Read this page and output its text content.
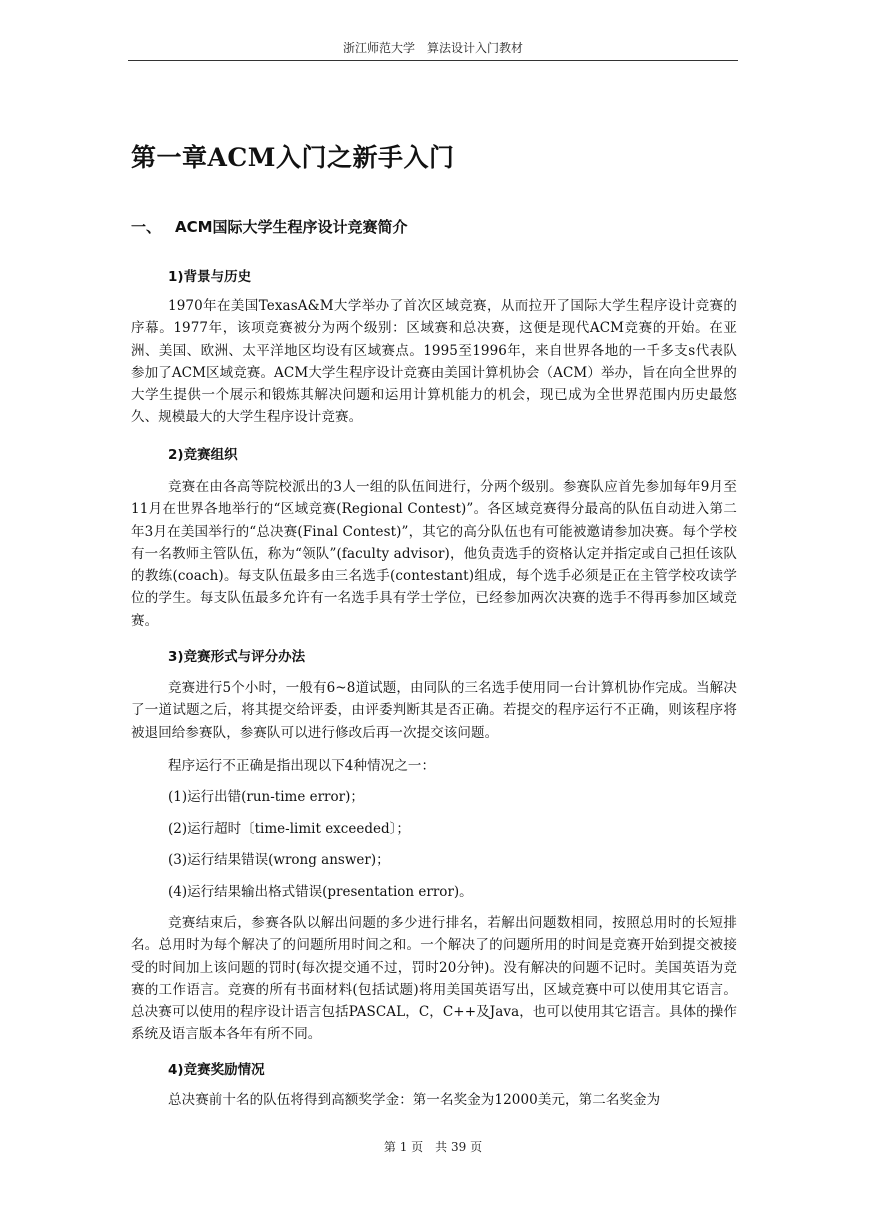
浙江师范大学　算法设计入门教材
第一章ACM入门之新手入门
一、 ACM国际大学生程序设计竞赛简介
1)背景与历史

1970年在美国TexasA&M大学举办了首次区域竞赛，从而拉开了国际大学生程序设计竞赛的序幕。1977年，该项竞赛被分为两个级别：区域赛和总决赛，这便是现代ACM竞赛的开始。在亚洲、美国、欧洲、太平洋地区均设有区域赛点。1995至1996年，来自世界各地的一千多支s代表队参加了ACM区域竞赛。ACM大学生程序设计竞赛由美国计算机协会（ACM）举办，旨在向全世界的大学生提供一个展示和锻炼其解决问题和运用计算机能力的机会，现已成为全世界范围内历史最悠久、规模最大的大学生程序设计竞赛。

2)竞赛组织

竞赛在由各高等院校派出的3人一组的队伍间进行，分两个级别。参赛队应首先参加每年9月至11月在世界各地举行的“区域竞赛(Regional Contest)”。各区域竞赛得分最高的队伍自动进入第二年3月在美国举行的“总决赛(Final Contest)”，其它的高分队伍也有可能被邀请参加决赛。每个学校有一名教师主管队伍，称为“领队”(faculty advisor)，他负责选手的资格认定并指定或自己担任该队的教练(coach)。每支队伍最多由三名选手(contestant)组成，每个选手必须是正在主管学校攻读学位的学生。每支队伍最多允许有一名选手具有学士学位，已经参加两次决赛的选手不得再参加区域竞赛。

3)竞赛形式与评分办法

竞赛进行5个小时，一般有6~8道试题，由同队的三名选手使用同一台计算机协作完成。当解决了一道试题之后，将其提交给评委，由评委判断其是否正确。若提交的程序运行不正确，则该程序将被退回给参赛队，参赛队可以进行修改后再一次提交该问题。

程序运行不正确是指出现以下4种情况之一：

(1)运行出错(run-time error)；

(2)运行超时〔time-limit exceeded〕；

(3)运行结果错误(wrong answer)；

(4)运行结果输出格式错误(presentation error)。

竞赛结束后，参赛各队以解出问题的多少进行排名，若解出问题数相同，按照总用时的长短排名。总用时为每个解决了的问题所用时间之和。一个解决了的问题所用的时间是竞赛开始到提交被接受的时间加上该问题的罚时(每次提交通不过，罚时20分钟)。没有解决的问题不记时。美国英语为竞赛的工作语言。竞赛的所有书面材料(包括试题)将用美国英语写出，区域竞赛中可以使用其它语言。总决赛可以使用的程序设计语言包括PASCAL，C，C++及Java，也可以使用其它语言。具体的操作系统及语言版本各年有所不同。

4)竞赛奖励情况

总决赛前十名的队伍将得到高额奖学金：第一名奖金为12000美元，第二名奖金为

第 1 页　共 39 页
